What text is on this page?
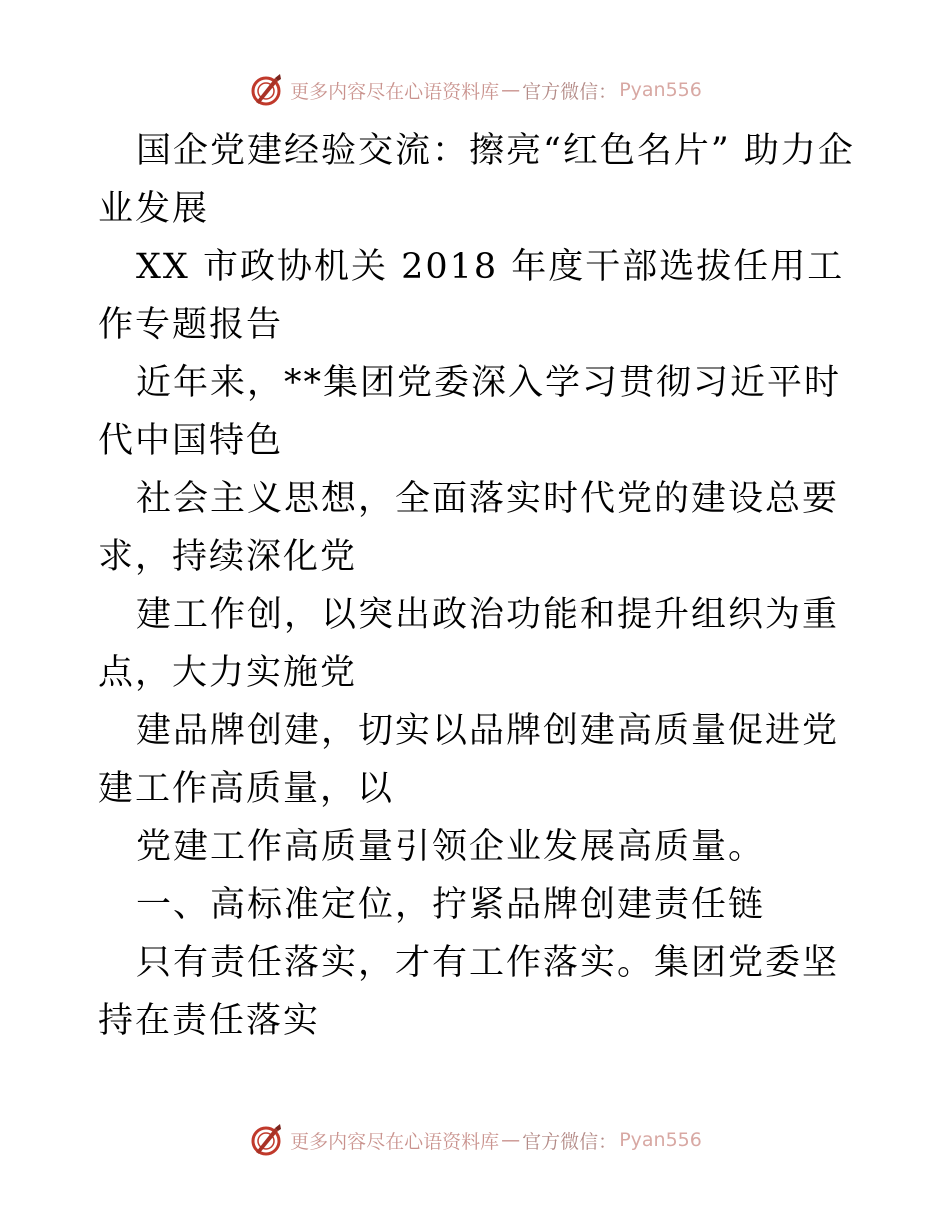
更多内容尽在心语资料库 — 官方微信： Pyan556

国企党建经验交流：擦亮“红色名片” 助力企业发展

XX 市政协机关 2018 年度干部选拔任用工作专题报告

近年来，**集团党委深入学习贯彻习近平时代中国特色

社会主义思想，全面落实时代党的建设总要求，持续深化党

建工作创，以突出政治功能和提升组织为重点，大力实施党

建品牌创建，切实以品牌创建高质量促进党建工作高质量，以

党建工作高质量引领企业发展高质量。

一、高标准定位，拧紧品牌创建责任链

只有责任落实，才有工作落实。集团党委坚持在责任落实

更多内容尽在心语资料库 — 官方微信： Pyan556
